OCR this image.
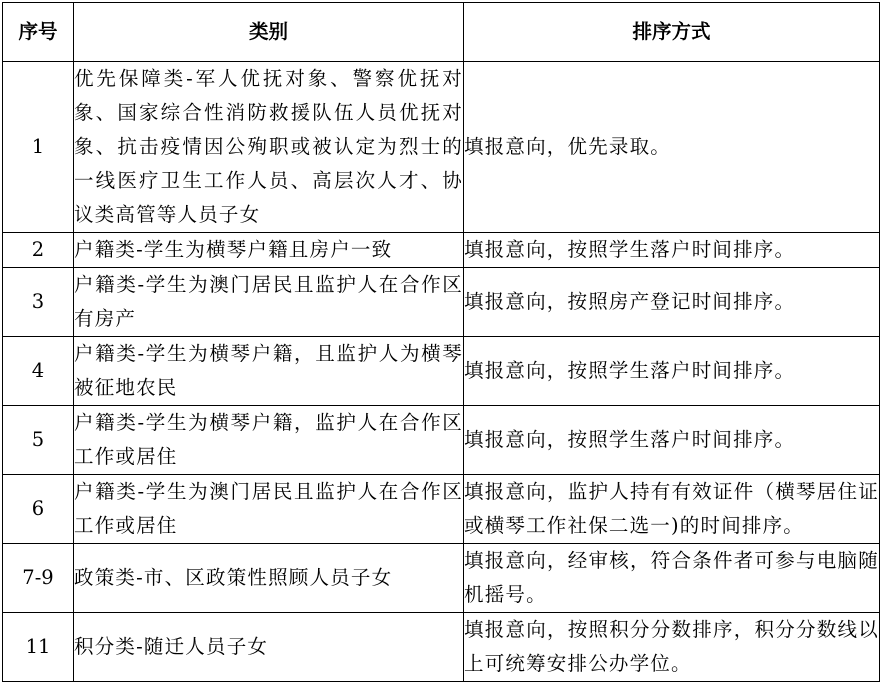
序号	类别	排序方式
1	优先保障类-军人优抚对象、警察优抚对象、国家综合性消防救援队伍人员优抚对象、抗击疫情因公殉职或被认定为烈士的一线医疗卫生工作人员、高层次人才、协议类高管等人员子女	填报意向，优先录取。
2	户籍类-学生为横琴户籍且房户一致	填报意向，按照学生落户时间排序。
3	户籍类-学生为澳门居民且监护人在合作区有房产	填报意向，按照房产登记时间排序。
4	户籍类-学生为横琴户籍，且监护人为横琴被征地农民	填报意向，按照学生落户时间排序。
5	户籍类-学生为横琴户籍，监护人在合作区工作或居住	填报意向，按照学生落户时间排序。
6	户籍类-学生为澳门居民且监护人在合作区工作或居住	填报意向，监护人持有有效证件（横琴居住证或横琴工作社保二选一)的时间排序。
7-9	政策类-市、区政策性照顾人员子女	填报意向，经审核，符合条件者可参与电脑随机摇号。
11	积分类-随迁人员子女	填报意向，按照积分分数排序，积分分数线以上可统筹安排公办学位。
